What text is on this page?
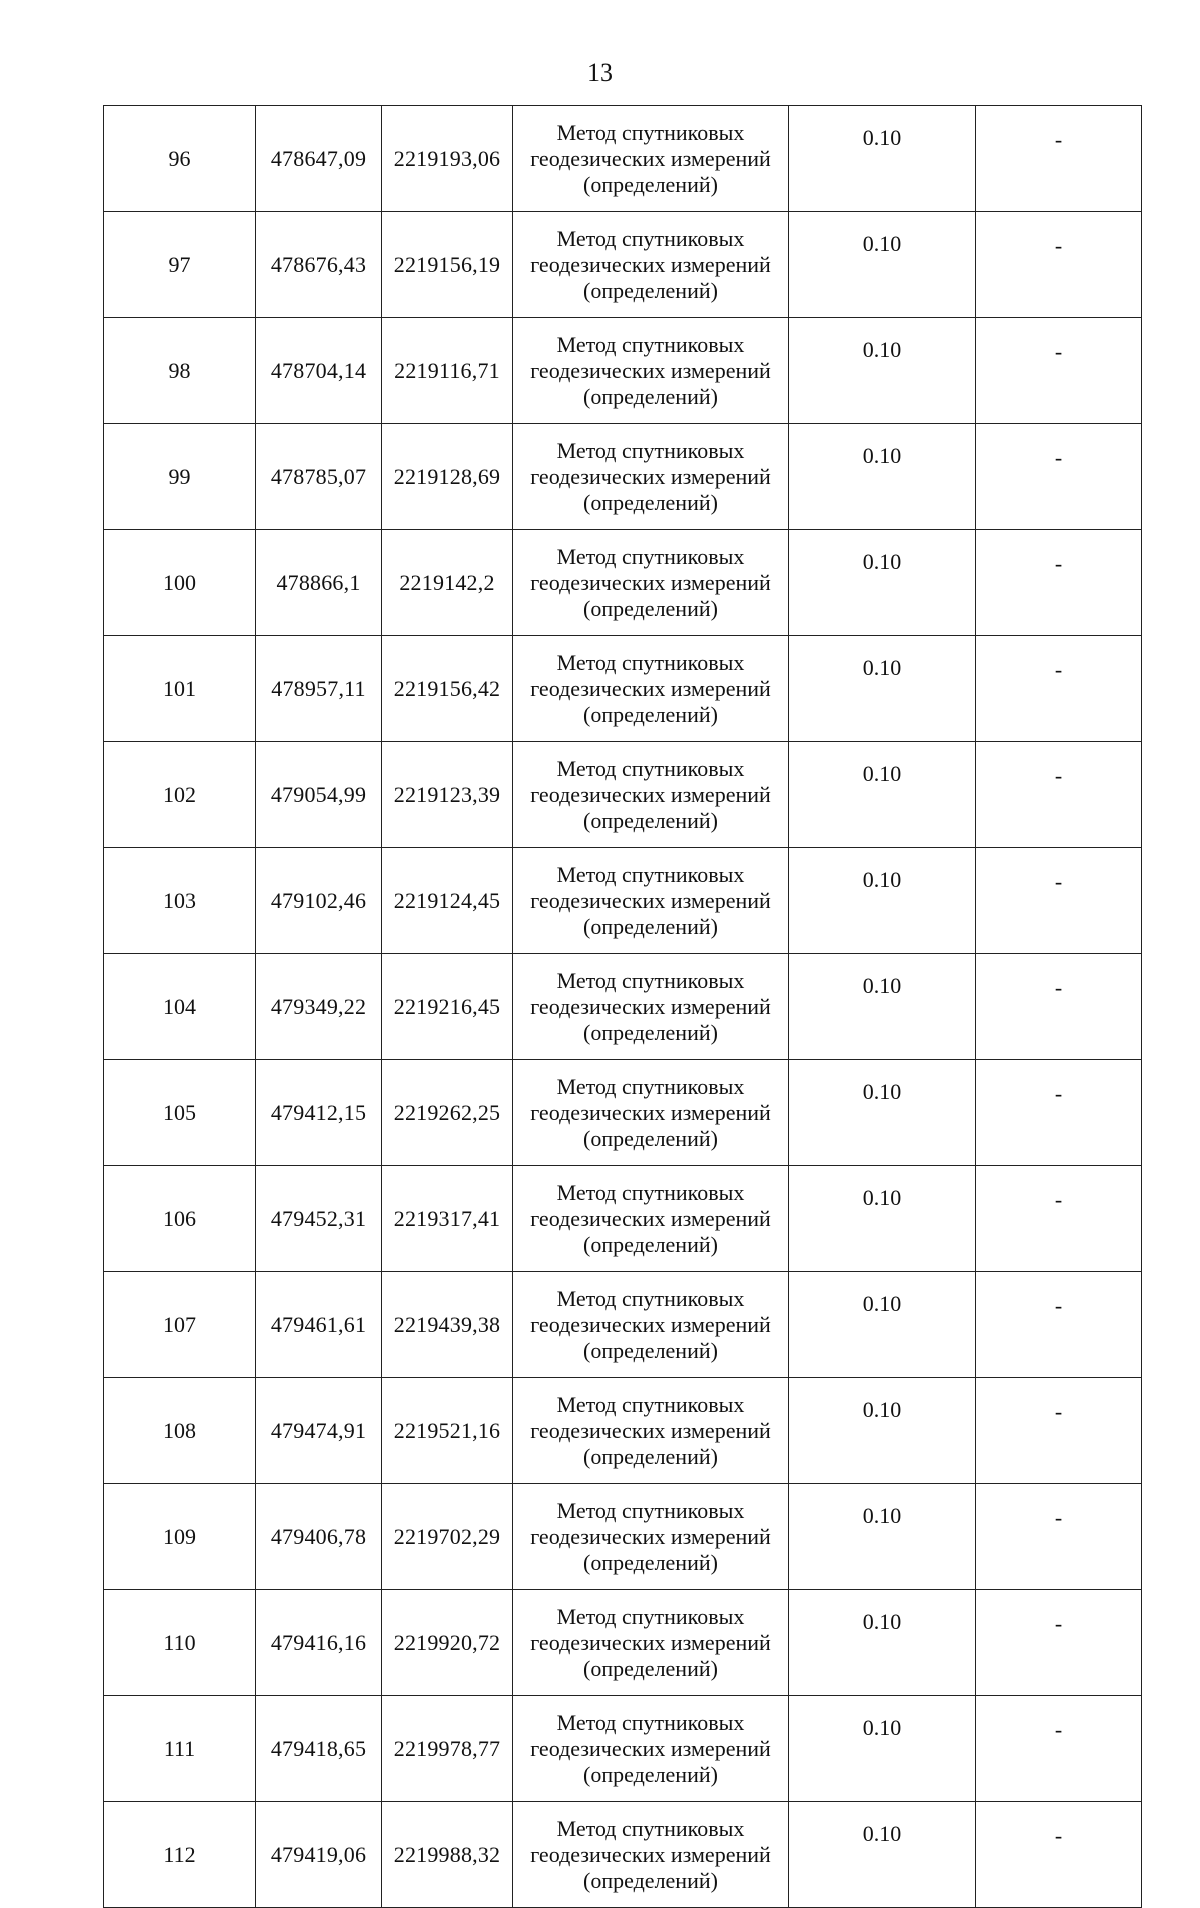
13
96	478647,09	2219193,06	Метод спутниковых
геодезических измерений
(определений)	0.10	-
97	478676,43	2219156,19	Метод спутниковых
геодезических измерений
(определений)	0.10	-
98	478704,14	2219116,71	Метод спутниковых
геодезических измерений
(определений)	0.10	-
99	478785,07	2219128,69	Метод спутниковых
геодезических измерений
(определений)	0.10	-
100	478866,1	2219142,2	Метод спутниковых
геодезических измерений
(определений)	0.10	-
101	478957,11	2219156,42	Метод спутниковых
геодезических измерений
(определений)	0.10	-
102	479054,99	2219123,39	Метод спутниковых
геодезических измерений
(определений)	0.10	-
103	479102,46	2219124,45	Метод спутниковых
геодезических измерений
(определений)	0.10	-
104	479349,22	2219216,45	Метод спутниковых
геодезических измерений
(определений)	0.10	-
105	479412,15	2219262,25	Метод спутниковых
геодезических измерений
(определений)	0.10	-
106	479452,31	2219317,41	Метод спутниковых
геодезических измерений
(определений)	0.10	-
107	479461,61	2219439,38	Метод спутниковых
геодезических измерений
(определений)	0.10	-
108	479474,91	2219521,16	Метод спутниковых
геодезических измерений
(определений)	0.10	-
109	479406,78	2219702,29	Метод спутниковых
геодезических измерений
(определений)	0.10	-
110	479416,16	2219920,72	Метод спутниковых
геодезических измерений
(определений)	0.10	-
111	479418,65	2219978,77	Метод спутниковых
геодезических измерений
(определений)	0.10	-
112	479419,06	2219988,32	Метод спутниковых
геодезических измерений
(определений)	0.10	-
